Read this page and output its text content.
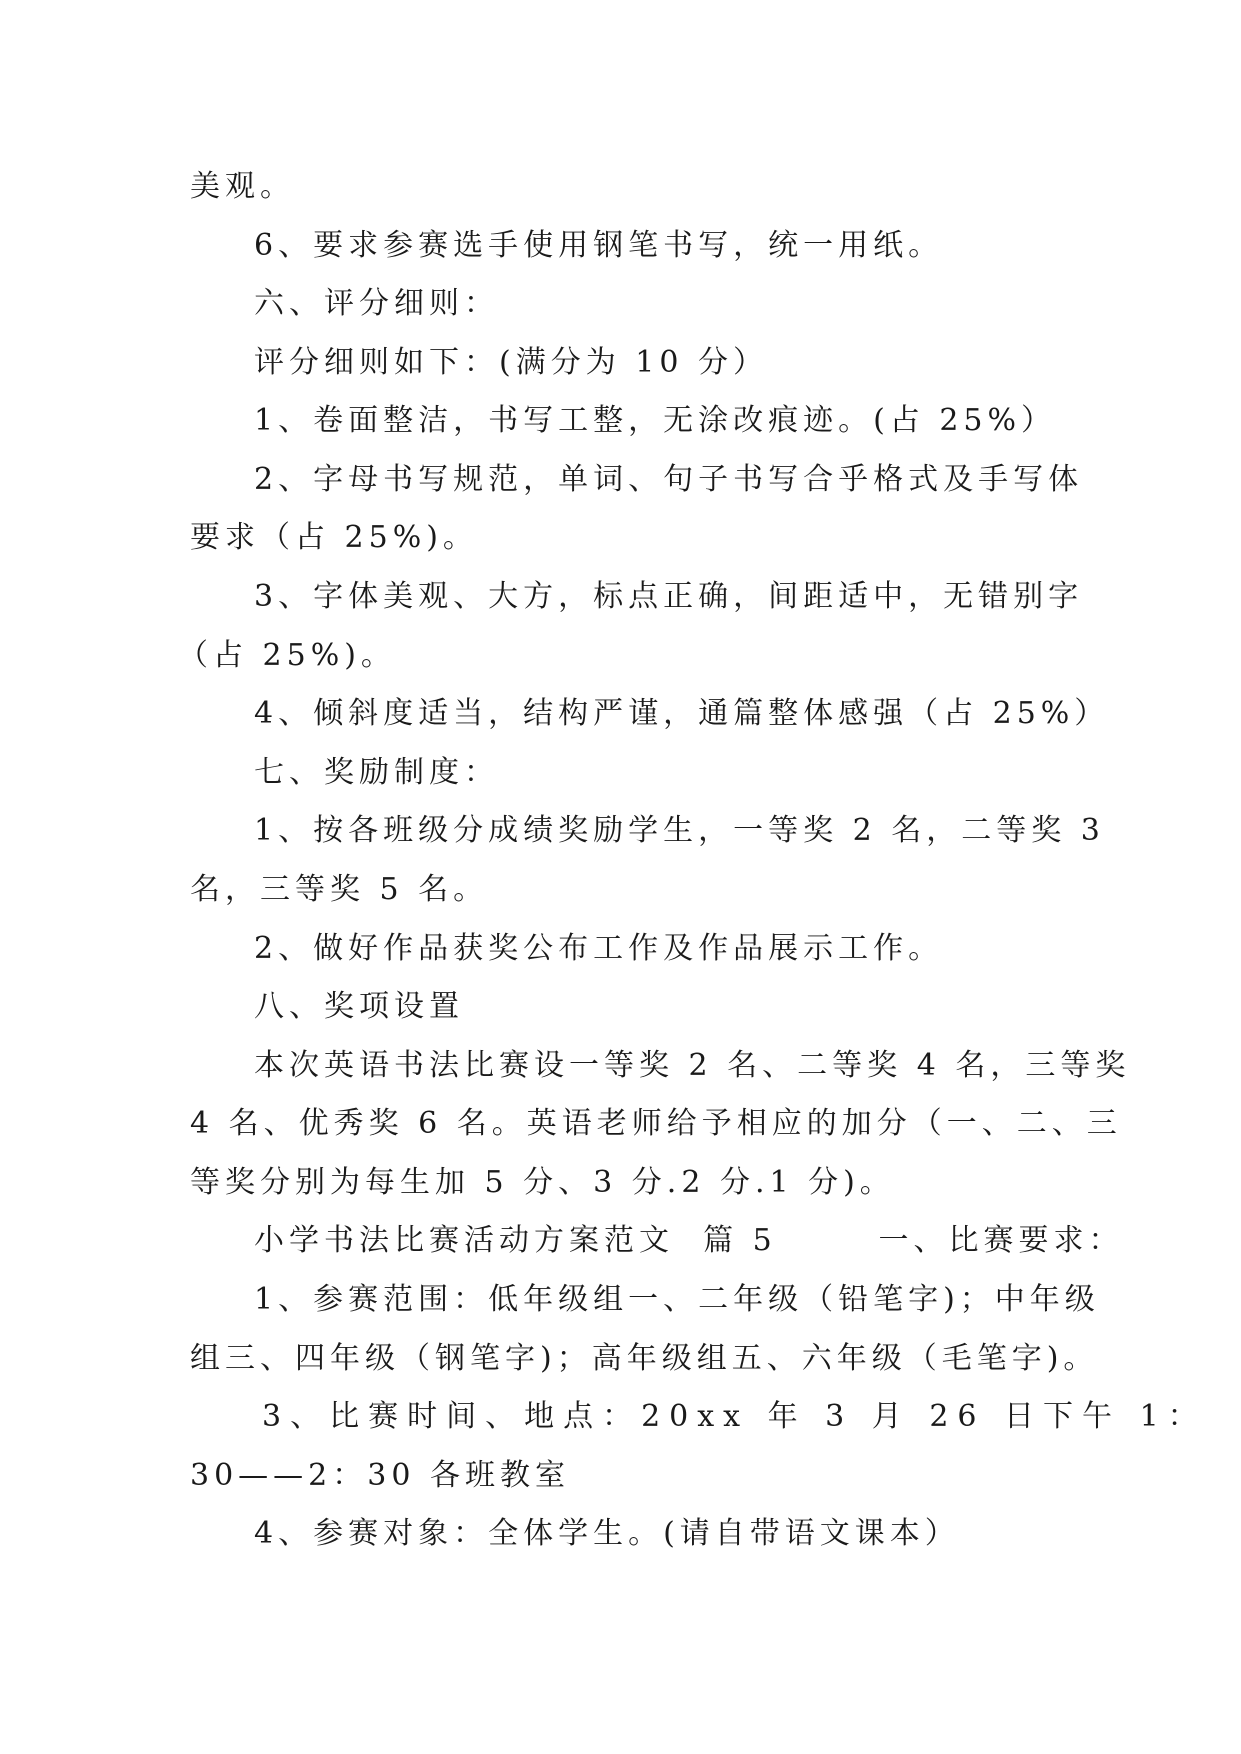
美观。
6、要求参赛选手使用钢笔书写，统一用纸。
六、评分细则：
评分细则如下：(满分为 10 分）
1、卷面整洁，书写工整，无涂改痕迹。(占 25%）
2、字母书写规范，单词、句子书写合乎格式及手写体
要求（占 25%)。
3、字体美观、大方，标点正确，间距适中，无错别字
（占 25%)。
4、倾斜度适当，结构严谨，通篇整体感强（占 25%）
七、奖励制度：
1、按各班级分成绩奖励学生，一等奖 2 名，二等奖 3
名，三等奖 5 名。
2、做好作品获奖公布工作及作品展示工作。
八、奖项设置
本次英语书法比赛设一等奖 2 名、二等奖 4 名，三等奖
4 名、优秀奖 6 名。英语老师给予相应的加分（一、二、三
等奖分别为每生加 5 分、3 分.2 分.1 分)。
小学书法比赛活动方案范文  篇 5       一、比赛要求：
1、参赛范围：低年级组一、二年级（铅笔字)；中年级
组三、四年级（钢笔字)；高年级组五、六年级（毛笔字)。
3、比赛时间、地点：20xx 年 3 月 26 日下午 1：
30——2：30 各班教室
4、参赛对象：全体学生。(请自带语文课本）
